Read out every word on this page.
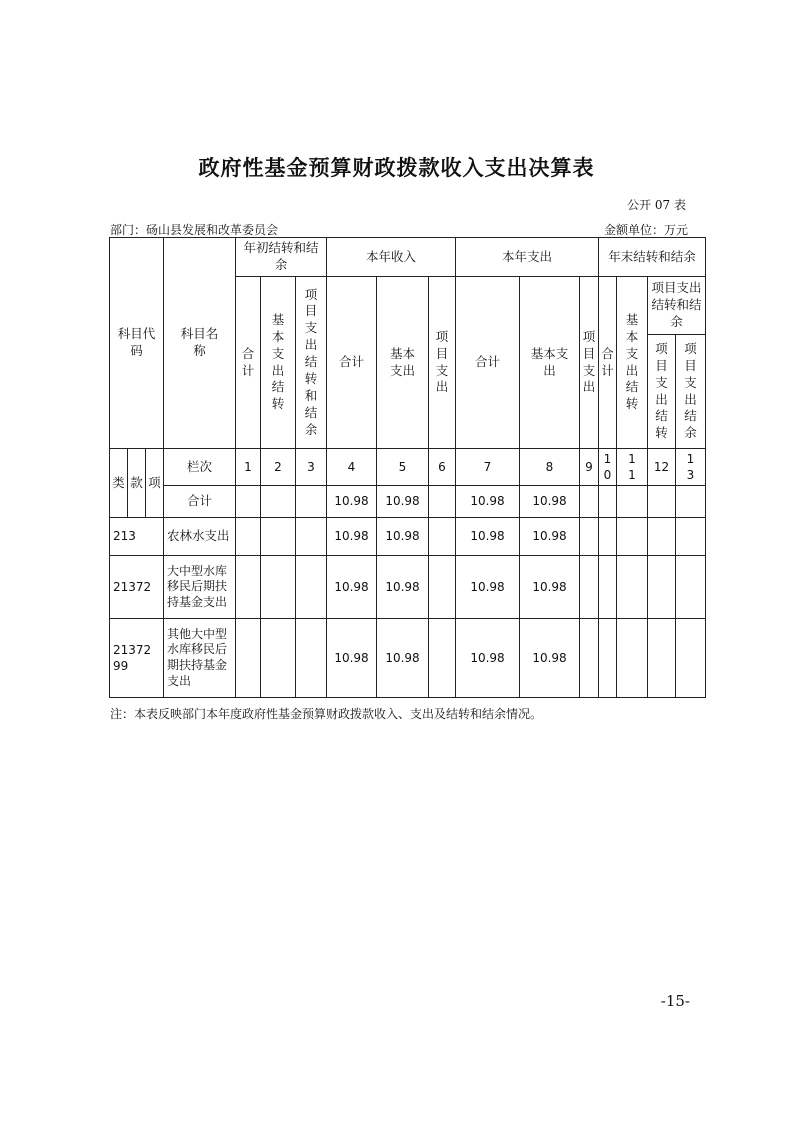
政府性基金预算财政拨款收入支出决算表
公开 07 表
部门：砀山县发展和改革委员会	金额单位：万元
科目代码			科目名称	年初结转和结余			本年收入			本年支出			年末结转和结余			

				合计	基本支出结转	项目支出结转和结余	合计	基本支出	项目支出	合计	基本支出	项目支出	合计	基本支出结转	项目支出结转和结余	

															项目支出结转	项目支出结余

类	款	项	栏次	1	2	3	4	5	6	7	8	9	10	11	12	13

			合计				10.98	10.98		10.98	10.98					
213			农林水支出				10.98	10.98		10.98	10.98					
21372			大中型水库移民后期扶持基金支出				10.98	10.98		10.98	10.98					

2137299			其他大中型水库移民后期扶持基金支出				10.98	10.98		10.98	10.98					
注：本表反映部门本年度政府性基金预算财政拨款收入、支出及结转和结余情况。
-15-
